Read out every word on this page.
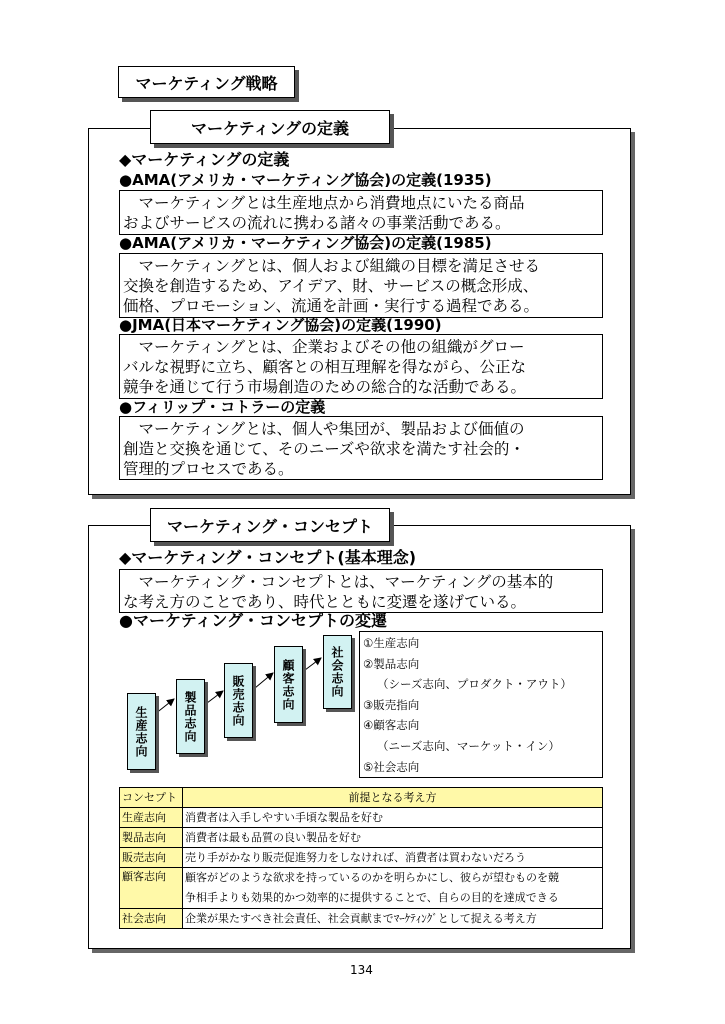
マーケティング戦略
マーケティングの定義
◆マーケティングの定義
●AMA(アメリカ・マーケティング協会)の定義(1935)
マーケティングとは生産地点から消費地点にいたる商品
およびサービスの流れに携わる諸々の事業活動である。
●AMA(アメリカ・マーケティング協会)の定義(1985)
マーケティングとは、個人および組織の目標を満足させる
交換を創造するため、アイデア、財、サービスの概念形成、
価格、プロモーション、流通を計画・実行する過程である。
●JMA(日本マーケティング協会)の定義(1990)
マーケティングとは、企業およびその他の組織がグロー
バルな視野に立ち、顧客との相互理解を得ながら、公正な
競争を通じて行う市場創造のための総合的な活動である。
●フィリップ・コトラーの定義
マーケティングとは、個人や集団が、製品および価値の
創造と交換を通じて、そのニーズや欲求を満たす社会的・
管理的プロセスである。
マーケティング・コンセプト
◆マーケティング・コンセプト(基本理念)
マーケティング・コンセプトとは、マーケティングの基本的
な考え方のことであり、時代とともに変遷を遂げている。
●マーケティング・コンセプトの変遷
生産志向	製品志向	販売志向	顧客志向	社会志向
①生産志向
②製品志向
（シーズ志向、プロダクト・アウト）
③販売指向
④顧客志向
（ニーズ志向、マーケット・イン）
⑤社会志向
コンセプト	前提となる考え方
生産志向	消費者は入手しやすい手頃な製品を好む
製品志向	消費者は最も品質の良い製品を好む
販売志向	売り手がかなり販売促進努力をしなければ、消費者は買わないだろう
顧客志向	顧客がどのような欲求を持っているのかを明らかにし、彼らが望むものを競
争相手よりも効果的かつ効率的に提供することで、自らの目的を達成できる
社会志向	企業が果たすべき社会責任、社会貢献までﾏｰｹﾃｨﾝｸﾞとして捉える考え方
134
